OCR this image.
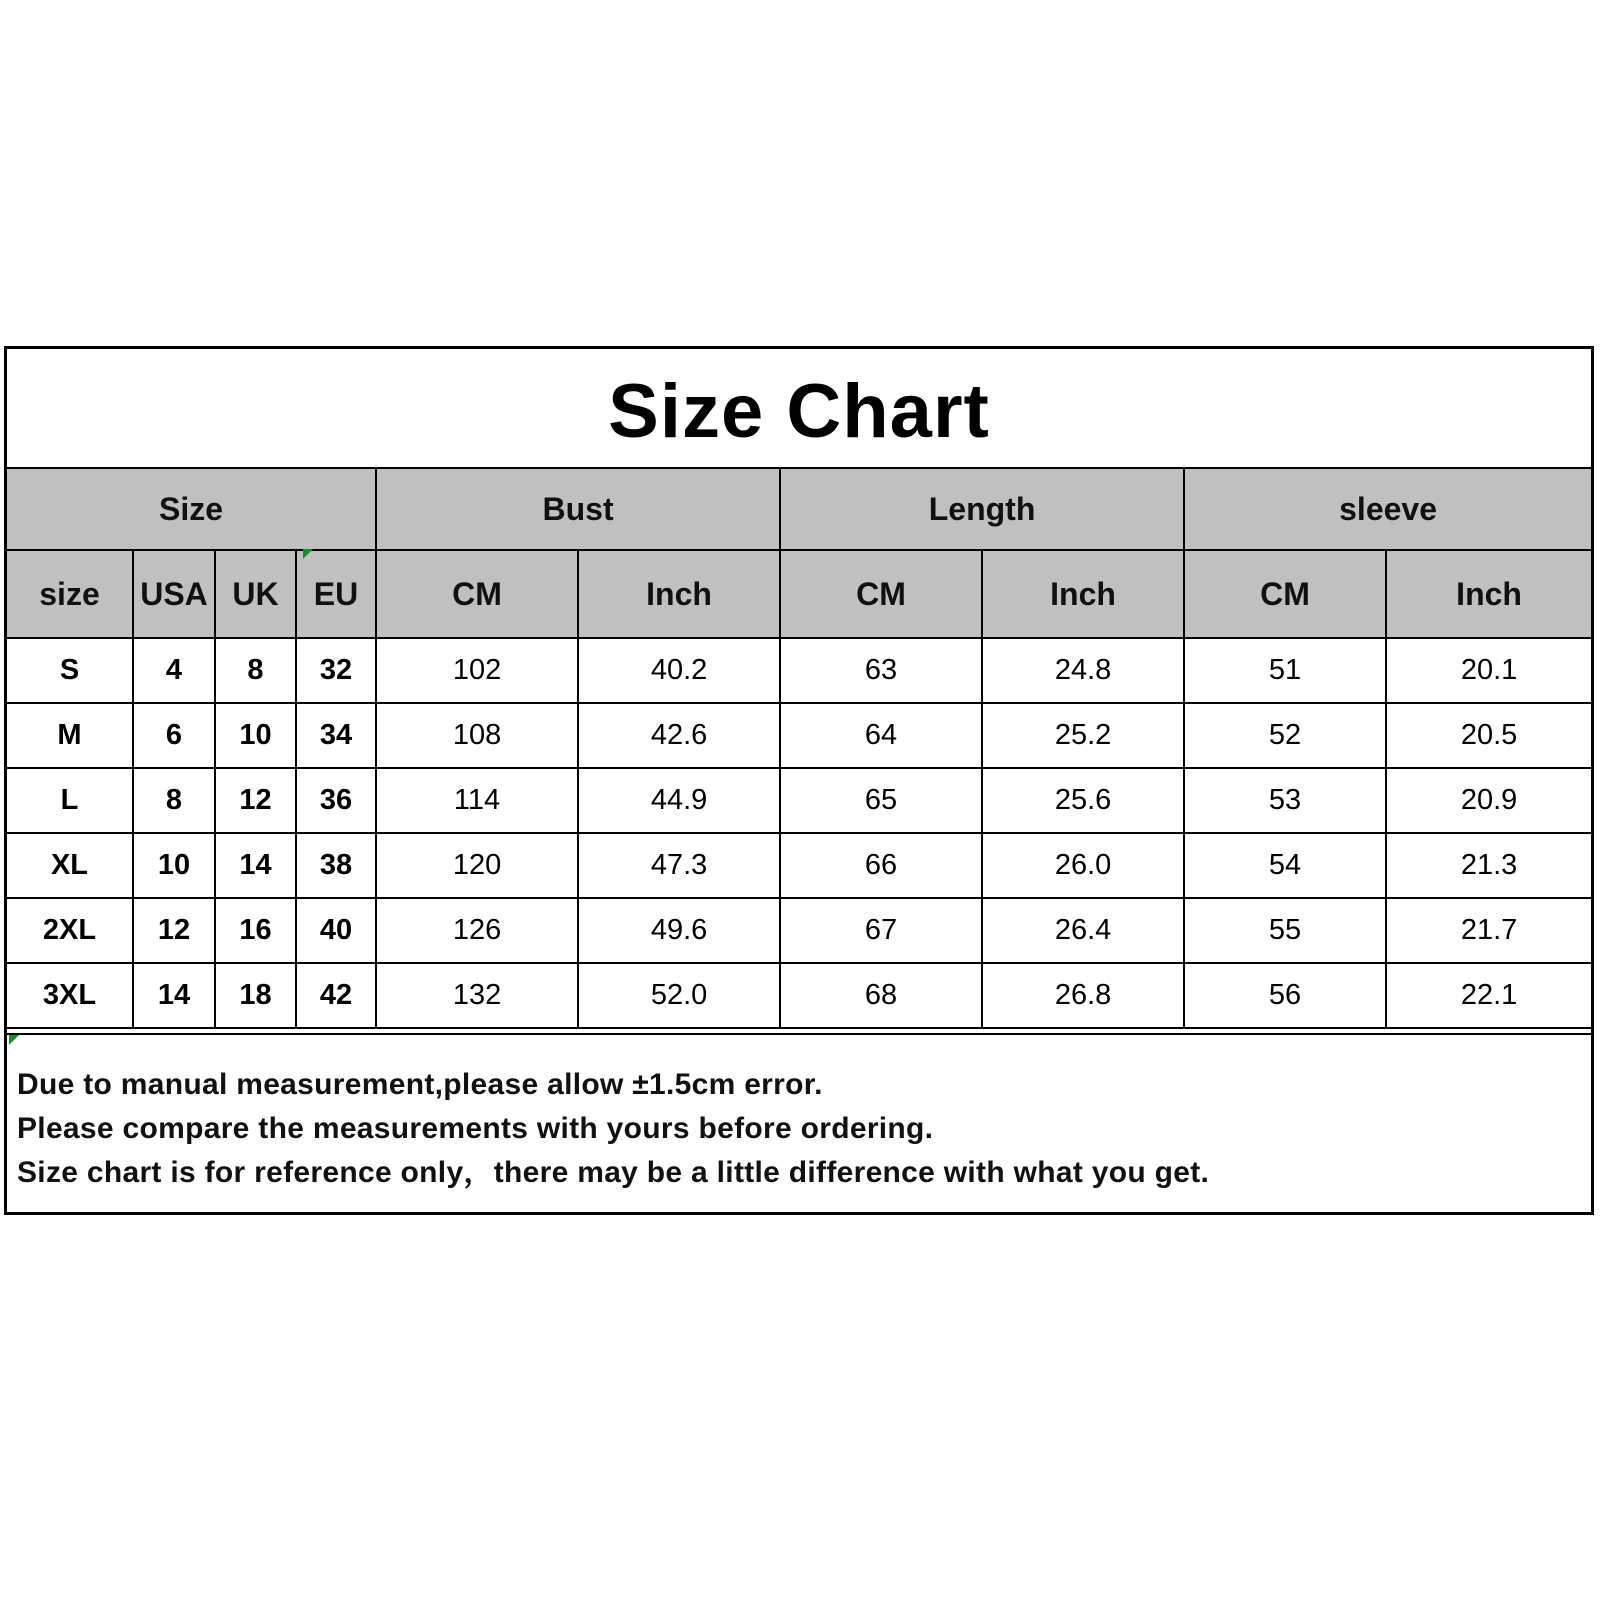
Size Chart
Size				Bust		Length		sleeve	
size	USA	UK	EU	CM	Inch	CM	Inch	CM	Inch
S	4	8	32	102	40.2	63	24.8	51	20.1
M	6	10	34	108	42.6	64	25.2	52	20.5
L	8	12	36	114	44.9	65	25.6	53	20.9
XL	10	14	38	120	47.3	66	26.0	54	21.3
2XL	12	16	40	126	49.6	67	26.4	55	21.7
3XL	14	18	42	132	52.0	68	26.8	56	22.1
Due to manual measurement,please allow ±1.5cm error.
Please compare the measurements with yours before ordering.
Size chart is for reference only，there may be a little difference with what you get.
